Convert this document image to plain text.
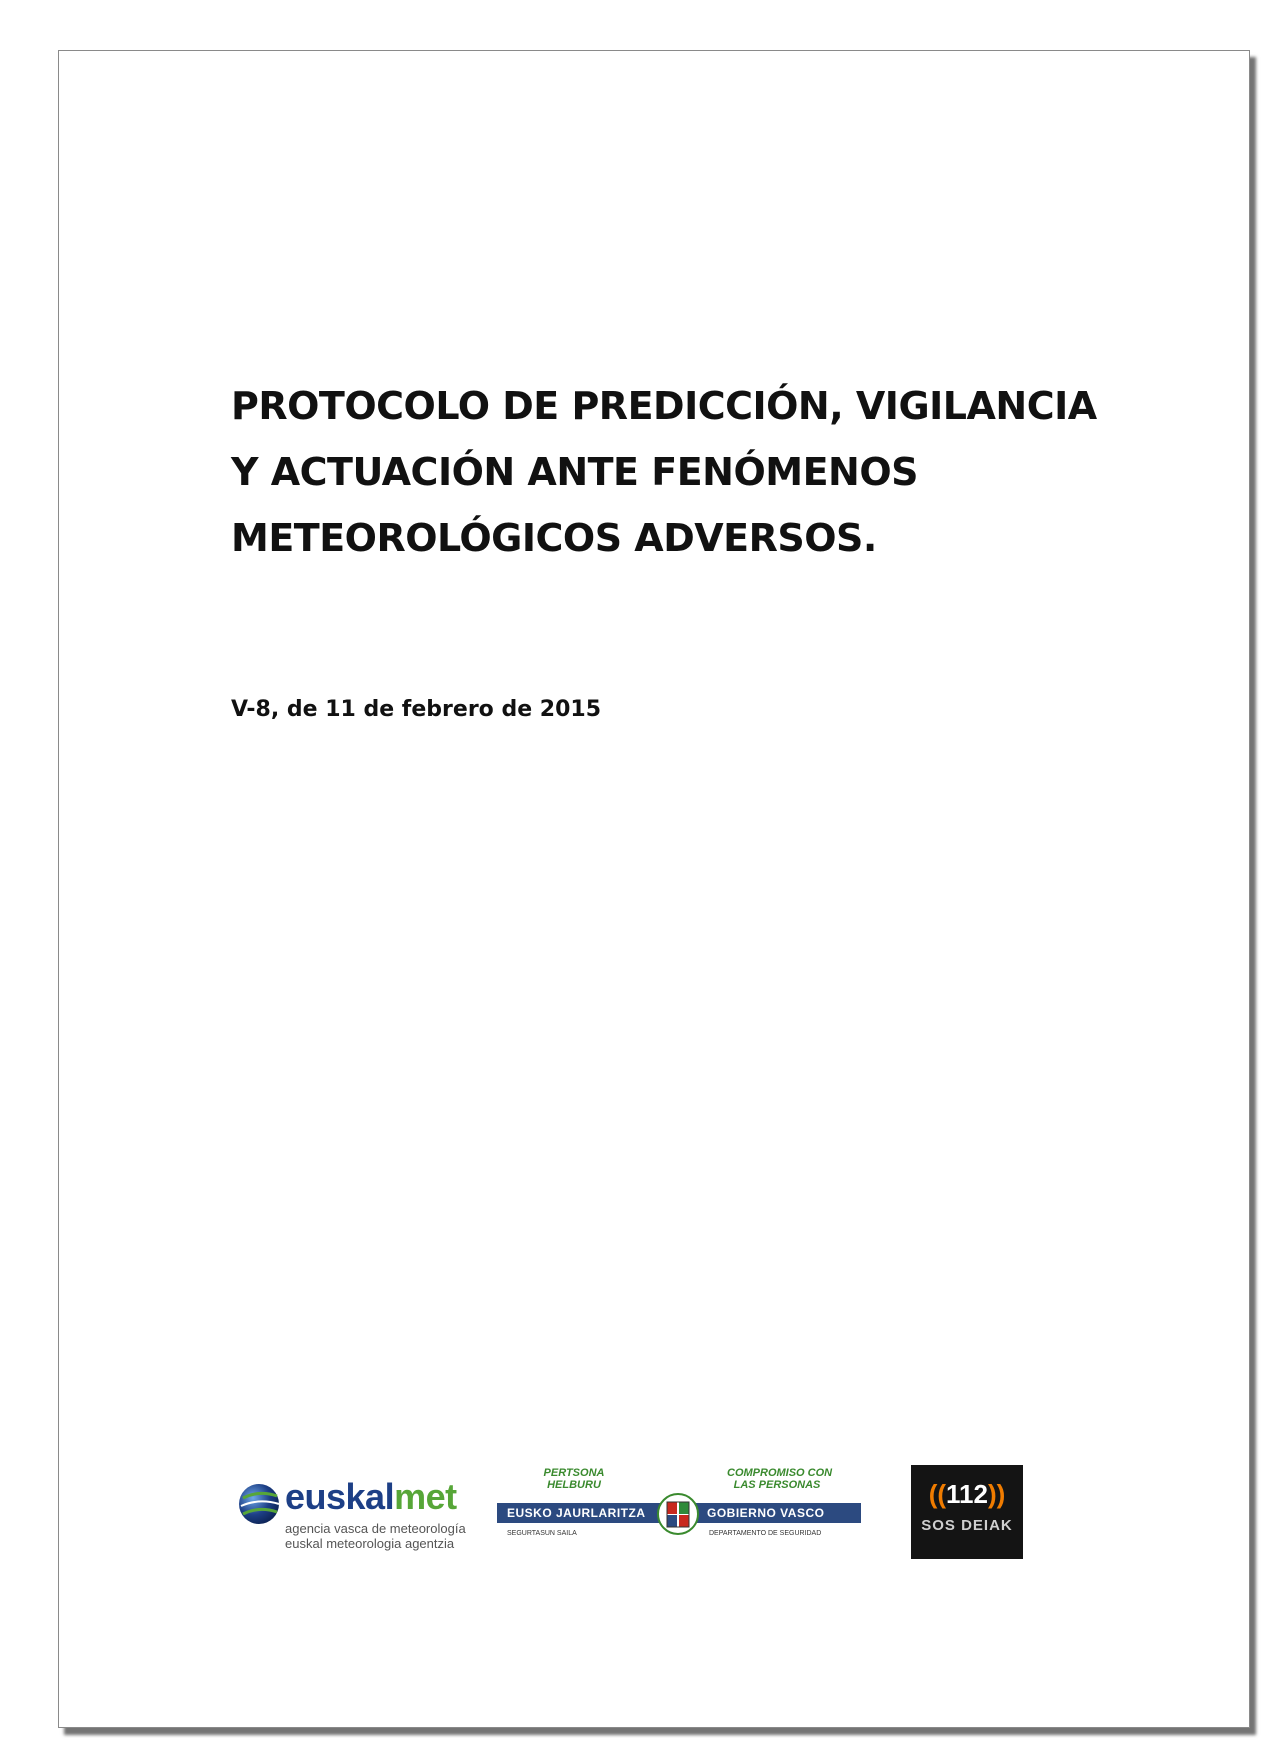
PROTOCOLO DE PREDICCIÓN, VIGILANCIA
Y ACTUACIÓN ANTE FENÓMENOS
METEOROLÓGICOS ADVERSOS.
V-8, de 11 de febrero de 2015
euskalmet
agencia vasca de meteorología
euskal meteorologia agentzia
PERTSONA
HELBURU
COMPROMISO CON
LAS PERSONAS
EUSKO JAURLARITZA	GOBIERNO VASCO
SEGURTASUN SAILA	DEPARTAMENTO DE SEGURIDAD
((112))
SOS DEIAK
